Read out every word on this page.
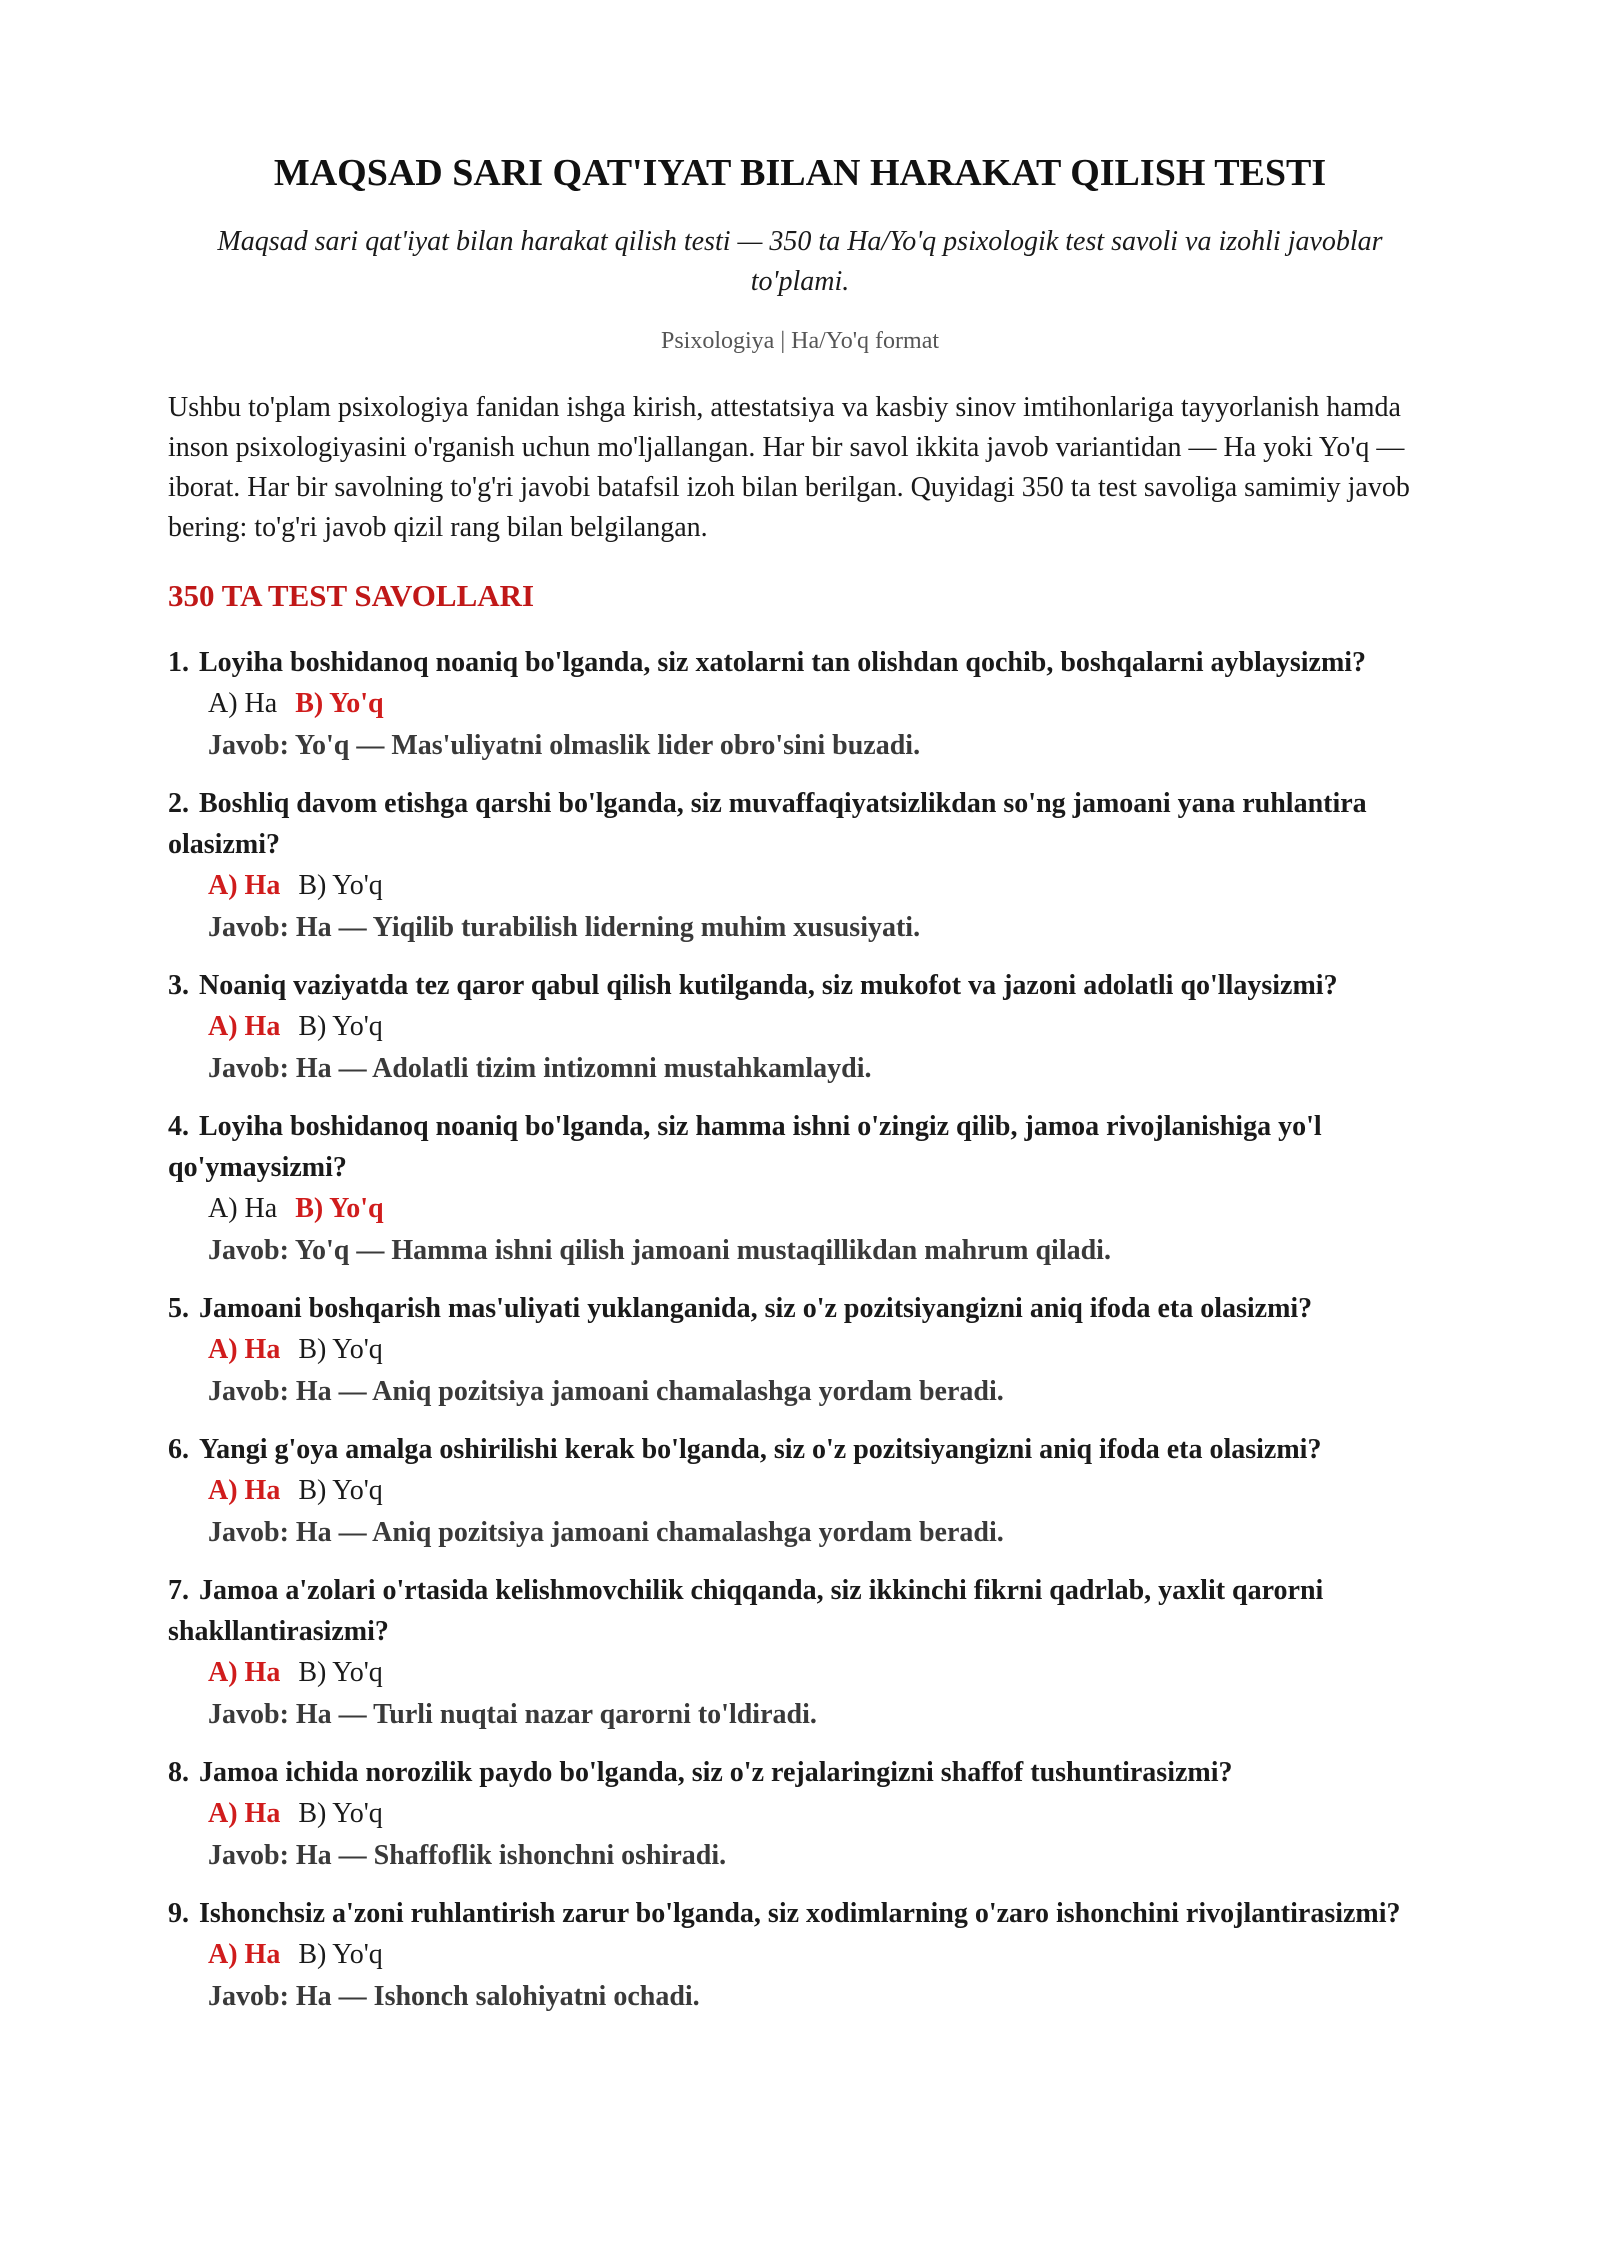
MAQSAD SARI QAT'IYAT BILAN HARAKAT QILISH TESTI

Maqsad sari qat'iyat bilan harakat qilish testi — 350 ta Ha/Yo'q psixologik test savoli va izohli javoblar to'plami.

Psixologiya | Ha/Yo'q format

Ushbu to'plam psixologiya fanidan ishga kirish, attestatsiya va kasbiy sinov imtihonlariga tayyorlanish hamda inson psixologiyasini o'rganish uchun mo'ljallangan. Har bir savol ikkita javob variantidan — Ha yoki Yo'q — iborat. Har bir savolning to'g'ri javobi batafsil izoh bilan berilgan. Quyidagi 350 ta test savoliga samimiy javob bering: to'g'ri javob qizil rang bilan belgilangan.

350 TA TEST SAVOLLARI

1. Loyiha boshidanoq noaniq bo'lganda, siz xatolarni tan olishdan qochib, boshqalarni ayblaysizmi?

A) Ha B) Yo'q
Javob: Yo'q — Mas'uliyatni olmaslik lider obro'sini buzadi.

2. Boshliq davom etishga qarshi bo'lganda, siz muvaffaqiyatsizlikdan so'ng jamoani yana ruhlantira olasizmi?

A) Ha B) Yo'q
Javob: Ha — Yiqilib turabilish liderning muhim xususiyati.

3. Noaniq vaziyatda tez qaror qabul qilish kutilganda, siz mukofot va jazoni adolatli qo'llaysizmi?

A) Ha B) Yo'q
Javob: Ha — Adolatli tizim intizomni mustahkamlaydi.

4. Loyiha boshidanoq noaniq bo'lganda, siz hamma ishni o'zingiz qilib, jamoa rivojlanishiga yo'l qo'ymaysizmi?

A) Ha B) Yo'q
Javob: Yo'q — Hamma ishni qilish jamoani mustaqillikdan mahrum qiladi.

5. Jamoani boshqarish mas'uliyati yuklanganida, siz o'z pozitsiyangizni aniq ifoda eta olasizmi?

A) Ha B) Yo'q
Javob: Ha — Aniq pozitsiya jamoani chamalashga yordam beradi.

6. Yangi g'oya amalga oshirilishi kerak bo'lganda, siz o'z pozitsiyangizni aniq ifoda eta olasizmi?

A) Ha B) Yo'q
Javob: Ha — Aniq pozitsiya jamoani chamalashga yordam beradi.

7. Jamoa a'zolari o'rtasida kelishmovchilik chiqqanda, siz ikkinchi fikrni qadrlab, yaxlit qarorni shakllantirasizmi?

A) Ha B) Yo'q
Javob: Ha — Turli nuqtai nazar qarorni to'ldiradi.

8. Jamoa ichida norozilik paydo bo'lganda, siz o'z rejalaringizni shaffof tushuntirasizmi?

A) Ha B) Yo'q
Javob: Ha — Shaffoflik ishonchni oshiradi.

9. Ishonchsiz a'zoni ruhlantirish zarur bo'lganda, siz xodimlarning o'zaro ishonchini rivojlantirasizmi?

A) Ha B) Yo'q
Javob: Ha — Ishonch salohiyatni ochadi.
